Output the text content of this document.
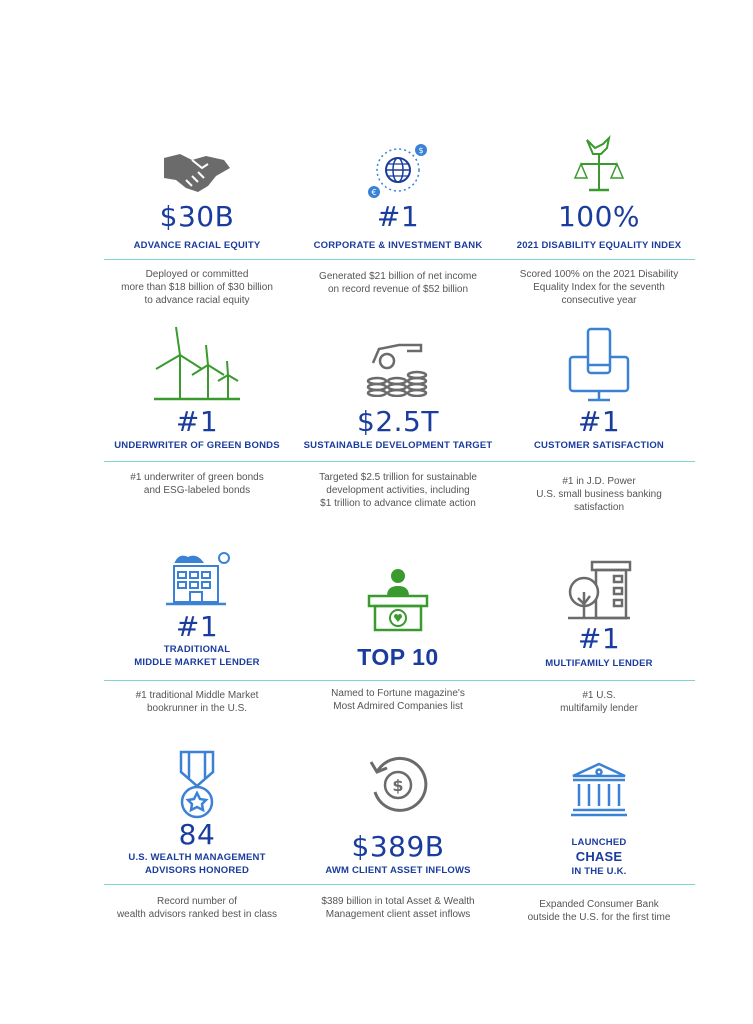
$30B
ADVANCE RACIAL EQUITY
Deployed or committed
more than $18 billion of $30 billion
to advance racial equity
$
€
#1
CORPORATE & INVESTMENT BANK
Generated $21 billion of net income
on record revenue of $52 billion
100%
2021 DISABILITY EQUALITY INDEX
Scored 100% on the 2021 Disability
Equality Index for the seventh
consecutive year
#1
UNDERWRITER OF GREEN BONDS
#1 underwriter of green bonds
and ESG-labeled bonds
$2.5T
SUSTAINABLE DEVELOPMENT TARGET
Targeted $2.5 trillion for sustainable
development activities, including
$1 trillion to advance climate action
#1
CUSTOMER SATISFACTION
#1 in J.D. Power
U.S. small business banking
satisfaction
#1
TRADITIONAL
MIDDLE MARKET LENDER
#1 traditional Middle Market
bookrunner in the U.S.
TOP 10
Named to Fortune magazine's
Most Admired Companies list
#1
MULTIFAMILY LENDER
#1 U.S.
multifamily lender
84
U.S. WEALTH MANAGEMENT
ADVISORS HONORED
Record number of
wealth advisors ranked best in class
$
$389B
AWM CLIENT ASSET INFLOWS
$389 billion in total Asset & Wealth
Management client asset inflows
LAUNCHED
CHASE
IN THE U.K.
Expanded Consumer Bank
outside the U.S. for the first time
